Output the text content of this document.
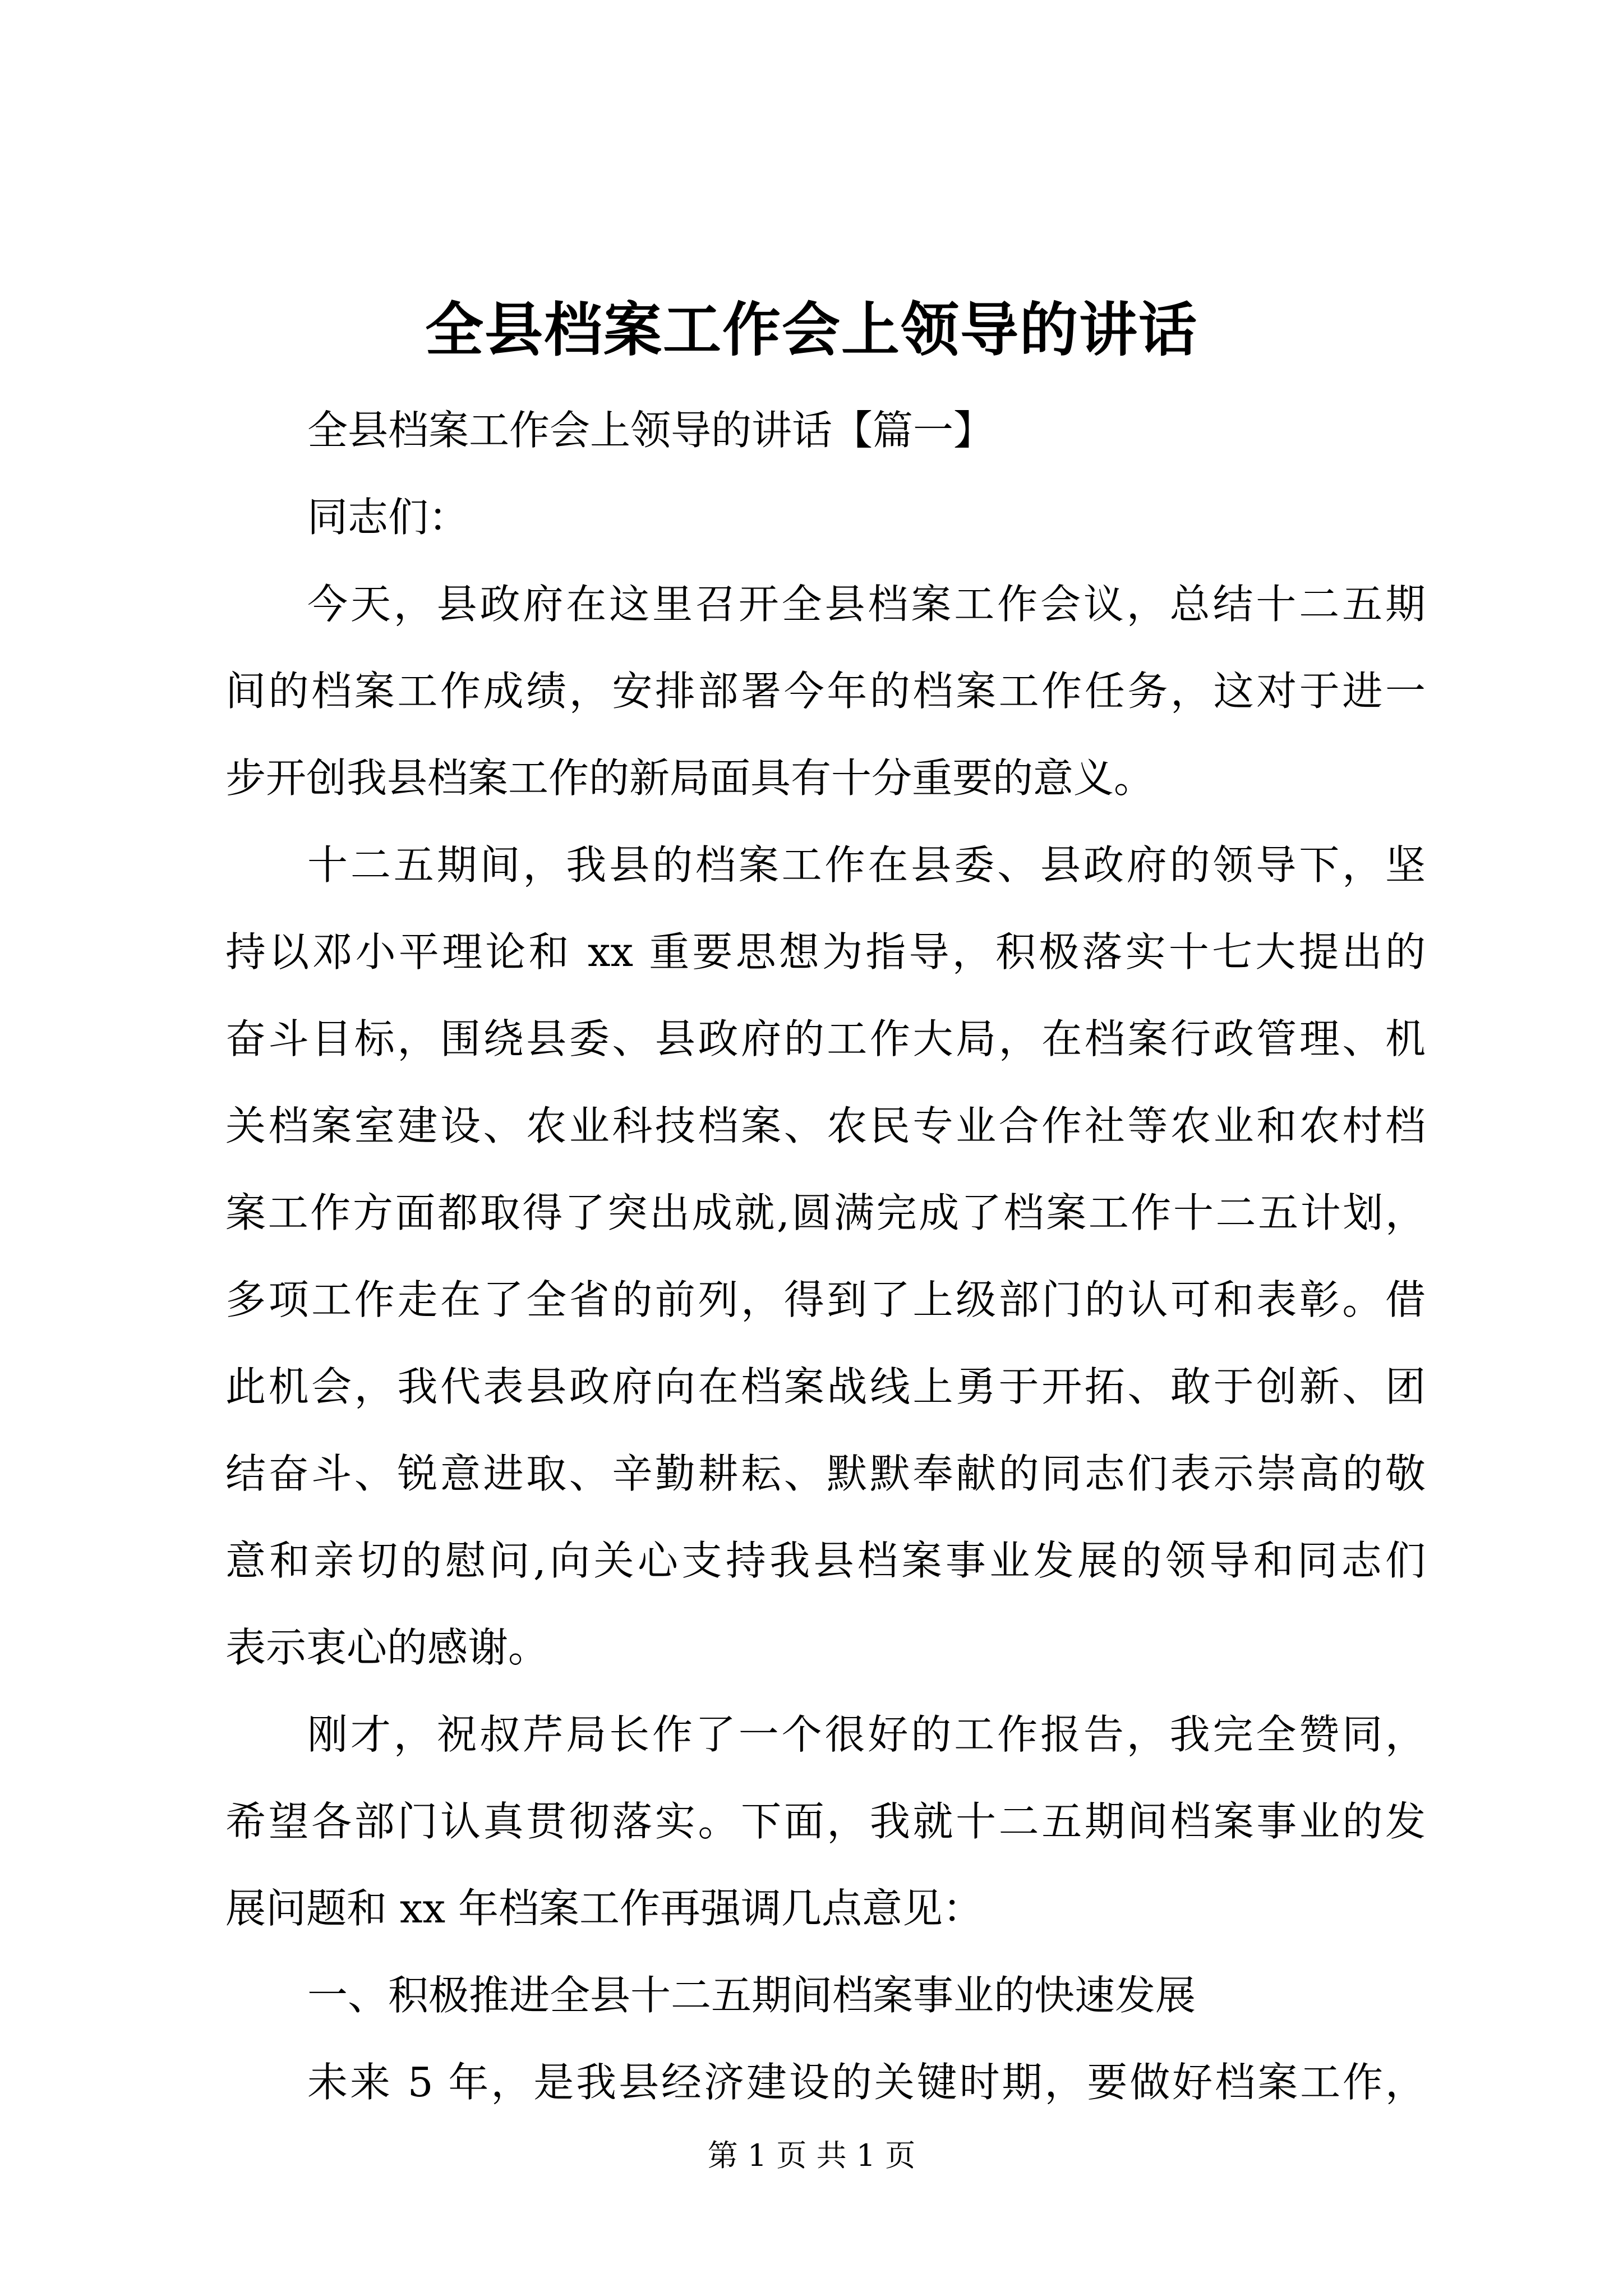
全县档案工作会上领导的讲话
全县档案工作会上领导的讲话【篇一】
同志们：
今天，县政府在这里召开全县档案工作会议，总结十二五期
间的档案工作成绩，安排部署今年的档案工作任务，这对于进一
步开创我县档案工作的新局面具有十分重要的意义。
十二五期间，我县的档案工作在县委、县政府的领导下，坚
持以邓小平理论和 xx 重要思想为指导，积极落实十七大提出的
奋斗目标，围绕县委、县政府的工作大局，在档案行政管理、机
关档案室建设、农业科技档案、农民专业合作社等农业和农村档
案工作方面都取得了突出成就,圆满完成了档案工作十二五计划，
多项工作走在了全省的前列，得到了上级部门的认可和表彰。借
此机会，我代表县政府向在档案战线上勇于开拓、敢于创新、团
结奋斗、锐意进取、辛勤耕耘、默默奉献的同志们表示崇高的敬
意和亲切的慰问,向关心支持我县档案事业发展的领导和同志们
表示衷心的感谢。
刚才，祝叔芹局长作了一个很好的工作报告，我完全赞同，
希望各部门认真贯彻落实。下面，我就十二五期间档案事业的发
展问题和 xx 年档案工作再强调几点意见：
一、积极推进全县十二五期间档案事业的快速发展
未来 5 年，是我县经济建设的关键时期，要做好档案工作，
第 1 页 共 1 页
